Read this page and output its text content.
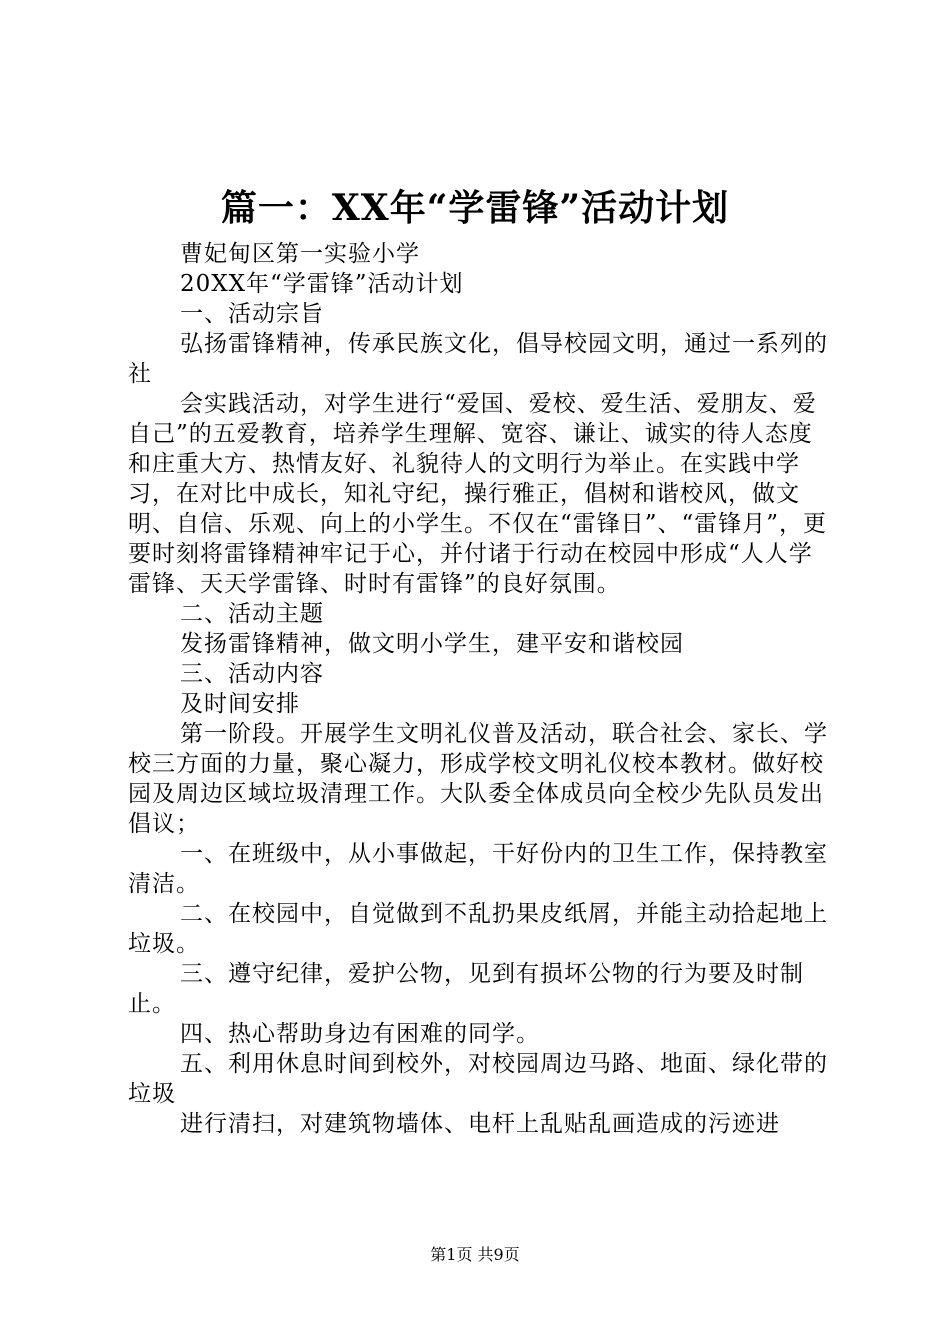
篇一：XX年“学雷锋”活动计划

曹妃甸区第一实验小学

20XX年“学雷锋”活动计划

一、活动宗旨

弘扬雷锋精神，传承民族文化，倡导校园文明，通过一系列的社

会实践活动，对学生进行“爱国、爱校、爱生活、爱朋友、爱自己”的五爱教育，培养学生理解、宽容、谦让、诚实的待人态度和庄重大方、热情友好、礼貌待人的文明行为举止。在实践中学习，在对比中成长，知礼守纪，操行雅正，倡树和谐校风，做文明、自信、乐观、向上的小学生。不仅在“雷锋日”、“雷锋月”，更要时刻将雷锋精神牢记于心，并付诸于行动在校园中形成“人人学雷锋、天天学雷锋、时时有雷锋”的良好氛围。

二、活动主题

发扬雷锋精神，做文明小学生，建平安和谐校园

三、活动内容

及时间安排

第一阶段。开展学生文明礼仪普及活动，联合社会、家长、学校三方面的力量，聚心凝力，形成学校文明礼仪校本教材。做好校园及周边区域垃圾清理工作。大队委全体成员向全校少先队员发出倡议；

一、在班级中，从小事做起，干好份内的卫生工作，保持教室清洁。

二、在校园中，自觉做到不乱扔果皮纸屑，并能主动拾起地上垃圾。

三、遵守纪律，爱护公物，见到有损坏公物的行为要及时制止。

四、热心帮助身边有困难的同学。

五、利用休息时间到校外，对校园周边马路、地面、绿化带的垃圾

进行清扫，对建筑物墙体、电杆上乱贴乱画造成的污迹进

第1页 共9页
